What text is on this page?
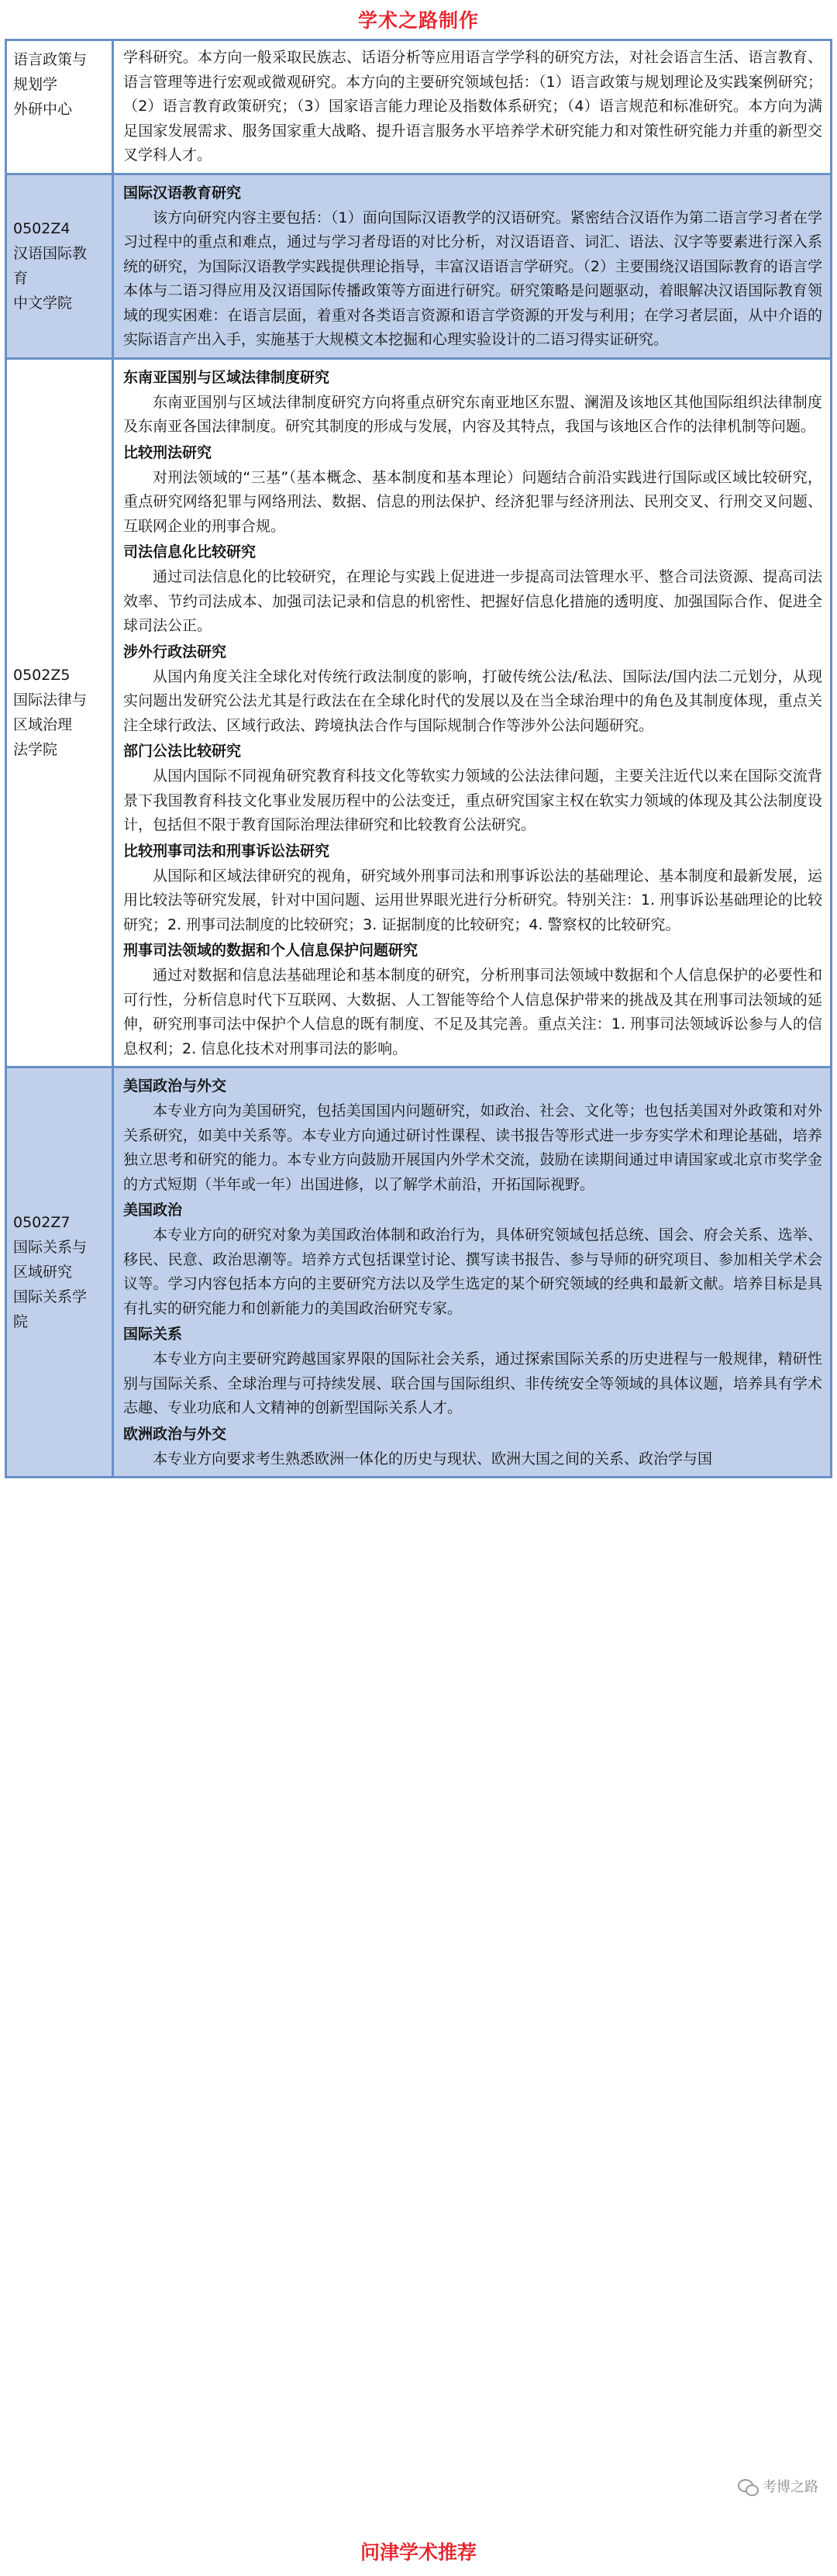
学术之路制作
语言政策与
规划学
外研中心

学科研究。本方向一般采取民族志、话语分析等应用语言学学科的研究方法，对社会语言生活、语言教育、语言管理等进行宏观或微观研究。本方向的主要研究领域包括：（1）语言政策与规划理论及实践案例研究；（2）语言教育政策研究；（3）国家语言能力理论及指数体系研究；（4）语言规范和标准研究。本方向为满足国家发展需求、服务国家重大战略、提升语言服务水平培养学术研究能力和对策性研究能力并重的新型交叉学科人才。

0502Z4
汉语国际教
育
中文学院
国际汉语教育研究

该方向研究内容主要包括：（1）面向国际汉语教学的汉语研究。紧密结合汉语作为第二语言学习者在学习过程中的重点和难点，通过与学习者母语的对比分析，对汉语语音、词汇、语法、汉字等要素进行深入系统的研究，为国际汉语教学实践提供理论指导，丰富汉语语言学研究。（2）主要围绕汉语国际教育的语言学本体与二语习得应用及汉语国际传播政策等方面进行研究。研究策略是问题驱动，着眼解决汉语国际教育领域的现实困难：在语言层面，着重对各类语言资源和语言学资源的开发与利用；在学习者层面，从中介语的实际语言产出入手，实施基于大规模文本挖掘和心理实验设计的二语习得实证研究。

0502Z5
国际法律与
区域治理
法学院
东南亚国别与区域法律制度研究

东南亚国别与区域法律制度研究方向将重点研究东南亚地区东盟、澜湄及该地区其他国际组织法律制度及东南亚各国法律制度。研究其制度的形成与发展，内容及其特点，我国与该地区合作的法律机制等问题。

比较刑法研究

对刑法领域的“三基”（基本概念、基本制度和基本理论）问题结合前沿实践进行国际或区域比较研究，重点研究网络犯罪与网络刑法、数据、信息的刑法保护、经济犯罪与经济刑法、民刑交叉、行刑交叉问题、互联网企业的刑事合规。

司法信息化比较研究

通过司法信息化的比较研究，在理论与实践上促进进一步提高司法管理水平、整合司法资源、提高司法效率、节约司法成本、加强司法记录和信息的机密性、把握好信息化措施的透明度、加强国际合作、促进全球司法公正。

涉外行政法研究

从国内角度关注全球化对传统行政法制度的影响，打破传统公法/私法、国际法/国内法二元划分，从现实问题出发研究公法尤其是行政法在在全球化时代的发展以及在当全球治理中的角色及其制度体现，重点关注全球行政法、区域行政法、跨境执法合作与国际规制合作等涉外公法问题研究。

部门公法比较研究

从国内国际不同视角研究教育科技文化等软实力领域的公法法律问题，主要关注近代以来在国际交流背景下我国教育科技文化事业发展历程中的公法变迁，重点研究国家主权在软实力领域的体现及其公法制度设计，包括但不限于教育国际治理法律研究和比较教育公法研究。

比较刑事司法和刑事诉讼法研究

从国际和区域法律研究的视角，研究域外刑事司法和刑事诉讼法的基础理论、基本制度和最新发展，运用比较法等研究发展，针对中国问题、运用世界眼光进行分析研究。特别关注：1. 刑事诉讼基础理论的比较研究；2. 刑事司法制度的比较研究；3. 证据制度的比较研究；4. 警察权的比较研究。

刑事司法领域的数据和个人信息保护问题研究

通过对数据和信息法基础理论和基本制度的研究，分析刑事司法领域中数据和个人信息保护的必要性和可行性，分析信息时代下互联网、大数据、人工智能等给个人信息保护带来的挑战及其在刑事司法领域的延伸，研究刑事司法中保护个人信息的既有制度、不足及其完善。重点关注：1. 刑事司法领域诉讼参与人的信息权利；2. 信息化技术对刑事司法的影响。

0502Z7
国际关系与
区域研究
国际关系学
院
美国政治与外交

本专业方向为美国研究，包括美国国内问题研究，如政治、社会、文化等；也包括美国对外政策和对外关系研究，如美中关系等。本专业方向通过研讨性课程、读书报告等形式进一步夯实学术和理论基础，培养独立思考和研究的能力。本专业方向鼓励开展国内外学术交流，鼓励在读期间通过申请国家或北京市奖学金的方式短期（半年或一年）出国进修，以了解学术前沿，开拓国际视野。

美国政治

本专业方向的研究对象为美国政治体制和政治行为，具体研究领域包括总统、国会、府会关系、选举、移民、民意、政治思潮等。培养方式包括课堂讨论、撰写读书报告、参与导师的研究项目、参加相关学术会议等。学习内容包括本方向的主要研究方法以及学生选定的某个研究领域的经典和最新文献。培养目标是具有扎实的研究能力和创新能力的美国政治研究专家。

国际关系

本专业方向主要研究跨越国家界限的国际社会关系，通过探索国际关系的历史进程与一般规律，精研性别与国际关系、全球治理与可持续发展、联合国与国际组织、非传统安全等领域的具体议题，培养具有学术志趣、专业功底和人文精神的创新型国际关系人才。

欧洲政治与外交

本专业方向要求考生熟悉欧洲一体化的历史与现状、欧洲大国之间的关系、政治学与国

考博之路
问津学术推荐
